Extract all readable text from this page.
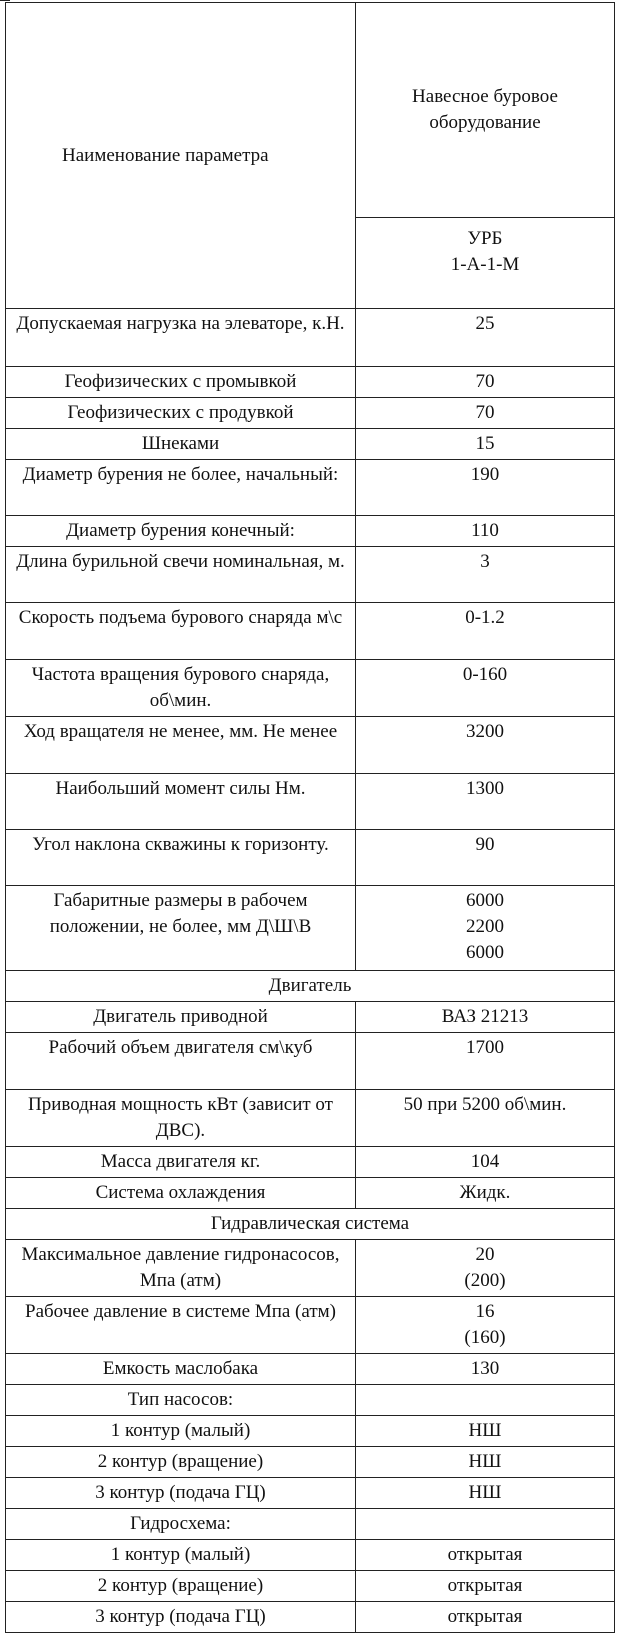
Наименование параметра	Навесное буровое оборудование

	УРБ
1-А-1-М

Допускаемая нагрузка на элеваторе, к.Н.	25
Геофизических с промывкой	70
Геофизических с продувкой	70
Шнеками	15
Диаметр бурения не более, начальный:	190
Диаметр бурения конечный:	110
Длина бурильной свечи номинальная, м.	3
Скорость подъема бурового снаряда м\с	0-1.2
Частота вращения бурового снаряда, об\мин.	0-160
Ход вращателя не менее, мм. Не менее	3200
Наибольший момент силы Нм.	1300
Угол наклона скважины к горизонту.	90
Габаритные размеры в рабочем положении, не более, мм Д\Ш\В	6000
2200
6000

Двигатель	
Двигатель приводной	ВАЗ 21213
Рабочий объем двигателя см\куб	1700
Приводная мощность кВт (зависит от ДВС).	50 при 5200 об\мин.
Масса двигателя кг.	104
Система охлаждения	Жидк.
Гидравлическая система	
Максимальное давление гидронасосов, Мпа (атм)	20
(200)

Рабочее давление в системе Мпа (атм)	16
(160)

Емкость маслобака	130
Тип насосов:	
1 контур (малый)	НШ
2 контур (вращение)	НШ
3 контур (подача ГЦ)	НШ
Гидросхема:	
1 контур (малый)	открытая
2 контур (вращение)	открытая
3 контур (подача ГЦ)	открытая
